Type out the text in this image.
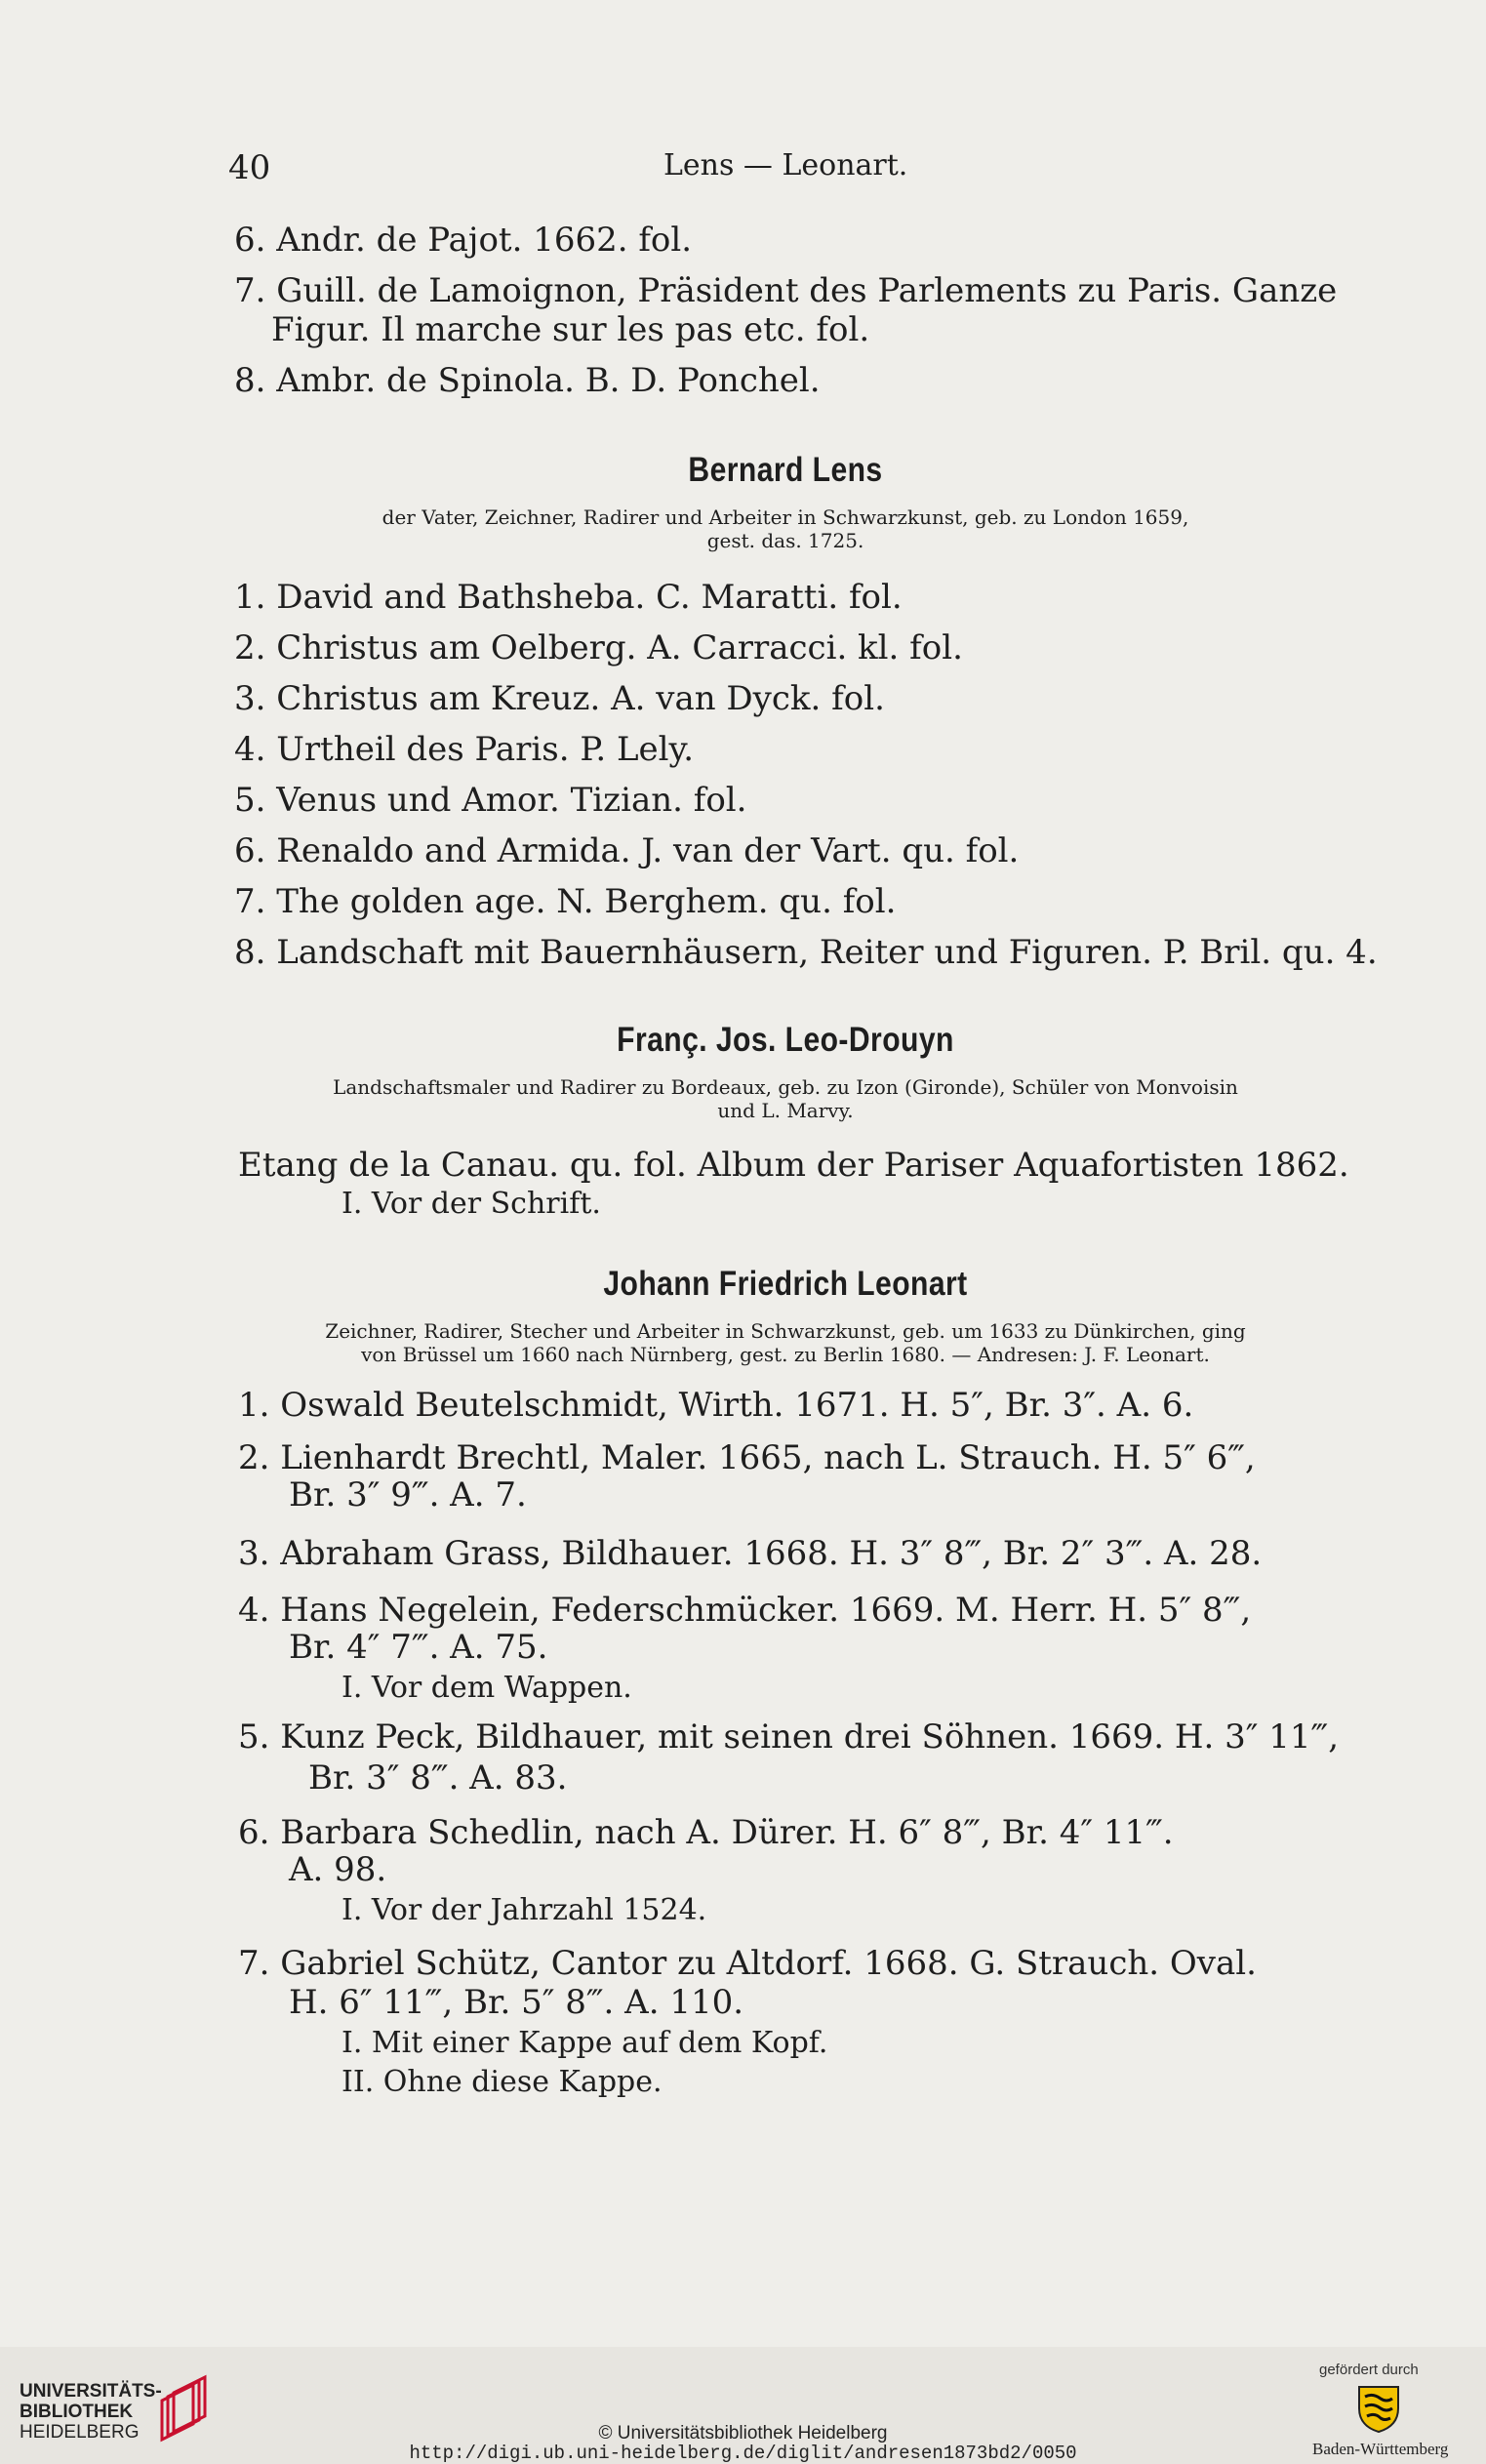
40	Lens — Leonart.
6. Andr. de Pajot. 1662. fol.
7. Guill. de Lamoignon, Präsident des Parlements zu Paris. Ganze
Figur. Il marche sur les pas etc. fol.
8. Ambr. de Spinola. B. D. Ponchel.
Bernard Lens
der Vater, Zeichner, Radirer und Arbeiter in Schwarzkunst, geb. zu London 1659,
gest. das. 1725.
1. David and Bathsheba. C. Maratti. fol.
2. Christus am Oelberg. A. Carracci. kl. fol.
3. Christus am Kreuz. A. van Dyck. fol.
4. Urtheil des Paris. P. Lely.
5. Venus und Amor. Tizian. fol.
6. Renaldo and Armida. J. van der Vart. qu. fol.
7. The golden age. N. Berghem. qu. fol.
8. Landschaft mit Bauernhäusern, Reiter und Figuren. P. Bril. qu. 4.
Franç. Jos. Leo-Drouyn
Landschaftsmaler und Radirer zu Bordeaux, geb. zu Izon (Gironde), Schüler von Monvoisin
und L. Marvy.
Etang de la Canau. qu. fol. Album der Pariser Aquafortisten 1862.
I. Vor der Schrift.
Johann Friedrich Leonart
Zeichner, Radirer, Stecher und Arbeiter in Schwarzkunst, geb. um 1633 zu Dünkirchen, ging
von Brüssel um 1660 nach Nürnberg, gest. zu Berlin 1680. — Andresen: J. F. Leonart.
1. Oswald Beutelschmidt, Wirth. 1671. H. 5″, Br. 3″. A. 6.
2. Lienhardt Brechtl, Maler. 1665, nach L. Strauch. H. 5″ 6‴,
Br. 3″ 9‴. A. 7.
3. Abraham Grass, Bildhauer. 1668. H. 3″ 8‴, Br. 2″ 3‴. A. 28.
4. Hans Negelein, Federschmücker. 1669. M. Herr. H. 5″ 8‴,
Br. 4″ 7‴. A. 75.
I. Vor dem Wappen.
5. Kunz Peck, Bildhauer, mit seinen drei Söhnen. 1669. H. 3″ 11‴,
Br. 3″ 8‴. A. 83.
6. Barbara Schedlin, nach A. Dürer. H. 6″ 8‴, Br. 4″ 11‴.
A. 98.
I. Vor der Jahrzahl 1524.
7. Gabriel Schütz, Cantor zu Altdorf. 1668. G. Strauch. Oval.
H. 6″ 11‴, Br. 5″ 8‴. A. 110.
I. Mit einer Kappe auf dem Kopf.
II. Ohne diese Kappe.
UNIVERSITÄTS-
BIBLIOTHEK
HEIDELBERG	© Universitätsbibliothek Heidelberg
http://digi.ub.uni-heidelberg.de/diglit/andresen1873bd2/0050
gefördert durch
Baden-Württemberg
